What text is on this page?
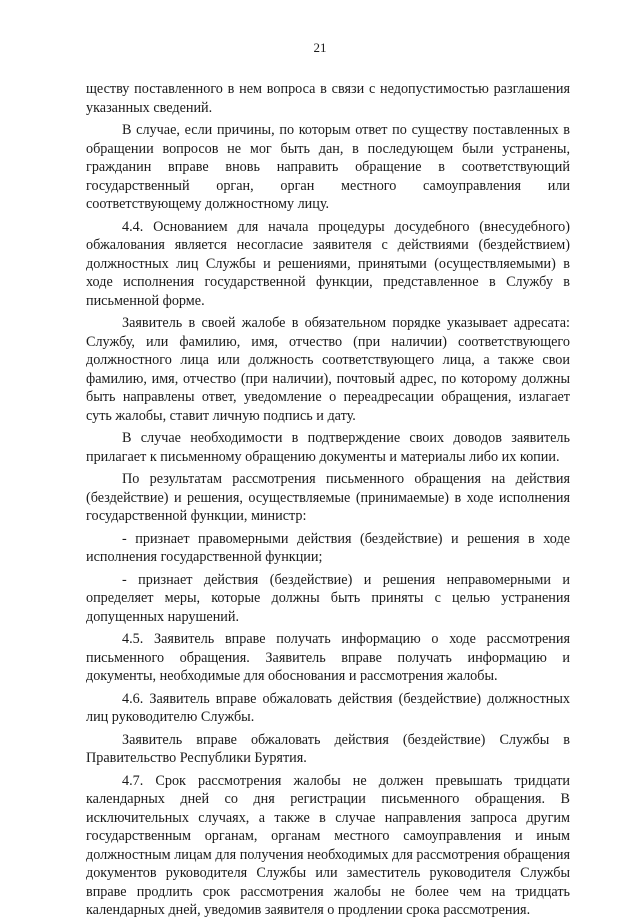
21

ществу поставленного в нем вопроса в связи с недопустимостью разглашения указанных сведений.

В случае, если причины, по которым ответ по существу поставленных в обращении вопросов не мог быть дан, в последующем были устранены, гражданин вправе вновь направить обращение в соответствующий государственный орган, орган местного самоуправления или соответствующему должностному лицу.

4.4. Основанием для начала процедуры досудебного (внесудебного) обжалования является несогласие заявителя с действиями (бездействием) должностных лиц Службы и решениями, принятыми (осуществляемыми) в ходе исполнения государственной функции, представленное в Службу в письменной форме.

Заявитель в своей жалобе в обязательном порядке указывает адресата: Службу, или фамилию, имя, отчество (при наличии) соответствующего должностного лица или должность соответствующего лица, а также свои фамилию, имя, отчество (при наличии), почтовый адрес, по которому должны быть направлены ответ, уведомление о переадресации обращения, излагает суть жалобы, ставит личную подпись и дату.

В случае необходимости в подтверждение своих доводов заявитель прилагает к письменному обращению документы и материалы либо их копии.

По результатам рассмотрения письменного обращения на действия (бездействие) и решения, осуществляемые (принимаемые) в ходе исполнения государственной функции, министр:

- признает правомерными действия (бездействие) и решения в ходе исполнения государственной функции;

- признает действия (бездействие) и решения неправомерными и определяет меры, которые должны быть приняты с целью устранения допущенных нарушений.

4.5. Заявитель вправе получать информацию о ходе рассмотрения письменного обращения. Заявитель вправе получать информацию и документы, необходимые для обоснования и рассмотрения жалобы.

4.6. Заявитель вправе обжаловать действия (бездействие) должностных лиц руководителю Службы.

Заявитель вправе обжаловать действия (бездействие) Службы в Правительство Республики Бурятия.

4.7. Срок рассмотрения жалобы не должен превышать тридцати календарных дней со дня регистрации письменного обращения. В исключительных случаях, а также в случае направления запроса другим государственным органам, органам местного самоуправления и иным должностным лицам для получения необходимых для рассмотрения обращения документов руководителя Службы или заместитель руководителя Службы вправе продлить срок рассмотрения жалобы не более чем на тридцать календарных дней, уведомив заявителя о продлении срока рассмотрения.
